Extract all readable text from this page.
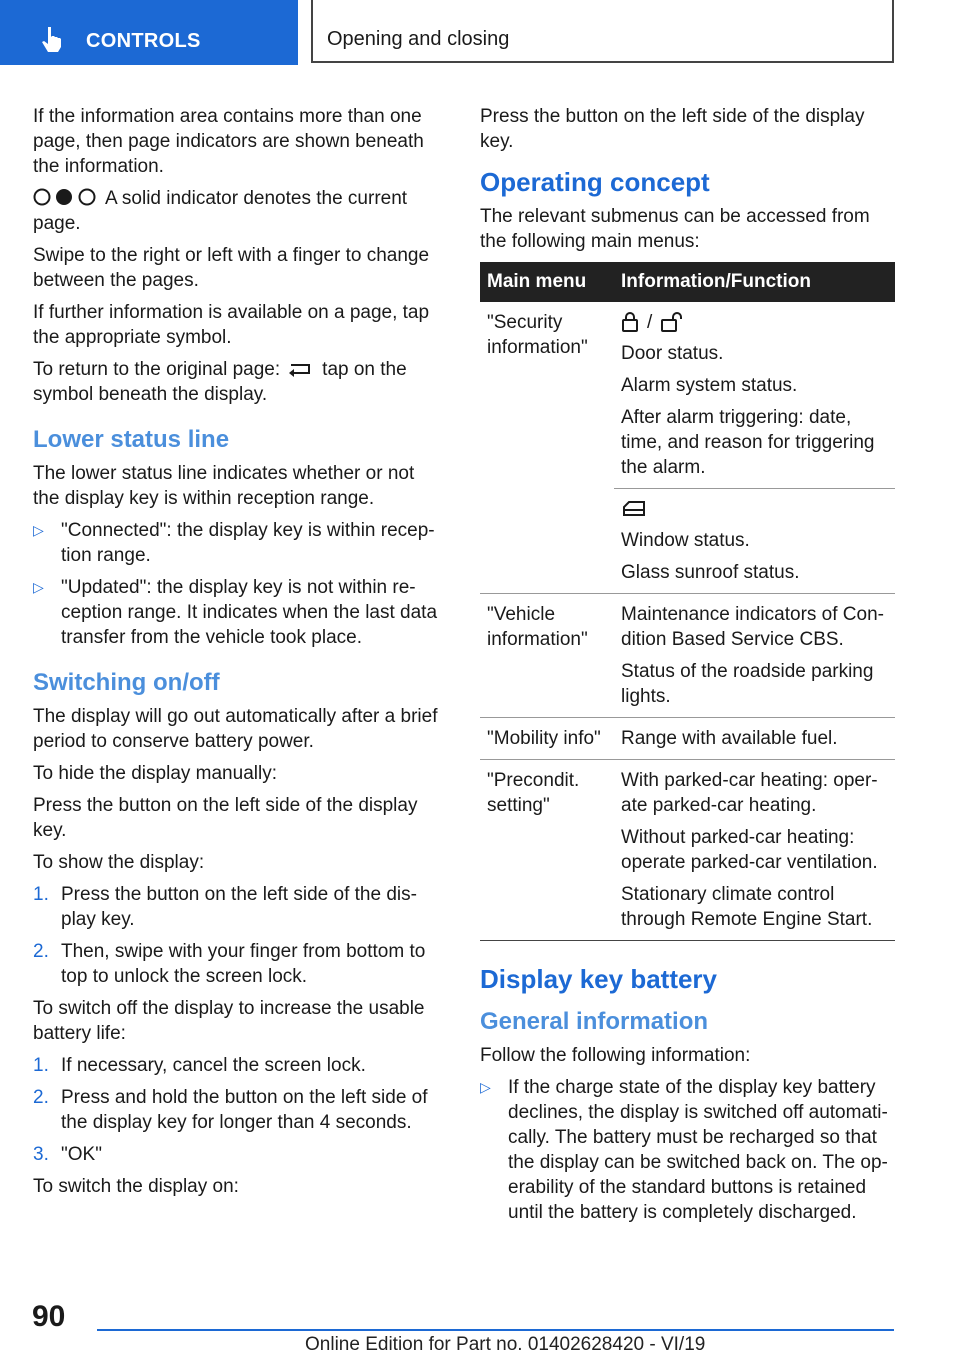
CONTROLS	Opening and closing

If the information area contains more than one page, then page indicators are shown beneath the information.

A solid indicator denotes the current page.

Swipe to the right or left with a finger to change between the pages.

If further information is available on a page, tap the appropriate symbol.

To return to the original page: tap on the symbol beneath the display.

Lower status line

The lower status line indicates whether or not the display key is within reception range.

▷ "Connected": the display key is within recep-tion range.
▷ "Updated": the display key is not within re-ception range. It indicates when the last data transfer from the vehicle took place.
Switching on/off

The display will go out automatically after a brief period to conserve battery power.

To hide the display manually:

Press the button on the left side of the display key.

To show the display:

1. Press the button on the left side of the dis-play key.
2. Then, swipe with your finger from bottom to top to unlock the screen lock.

To switch off the display to increase the usable battery life:

1. If necessary, cancel the screen lock.
2. Press and hold the button on the left side of the display key for longer than 4 seconds.
3. "OK"

To switch the display on:

Press the button on the left side of the display key.

Operating concept

The relevant submenus can be accessed from the following main menus:

Main menu	Information/Function
"Security information"	/

Door status.

Alarm system status.

After alarm triggering: date, time, and reason for triggering the alarm.

	Window status.

Glass sunroof status.

"Vehicle information"	Maintenance indicators of Con-dition Based Service CBS.

Status of the roadside parking lights.

"Mobility info"	Range with available fuel.
"Precondit. setting"	With parked-car heating: oper-ate parked-car heating.

Without parked-car heating: operate parked-car ventilation.

Stationary climate control through Remote Engine Start.

Display key battery
General information

Follow the following information:

▷ If the charge state of the display key battery declines, the display is switched off automati-cally. The battery must be recharged so that the display can be switched back on. The op-erability of the standard buttons is retained until the battery is completely discharged.
90
Online Edition for Part no. 01402628420 - VI/19
